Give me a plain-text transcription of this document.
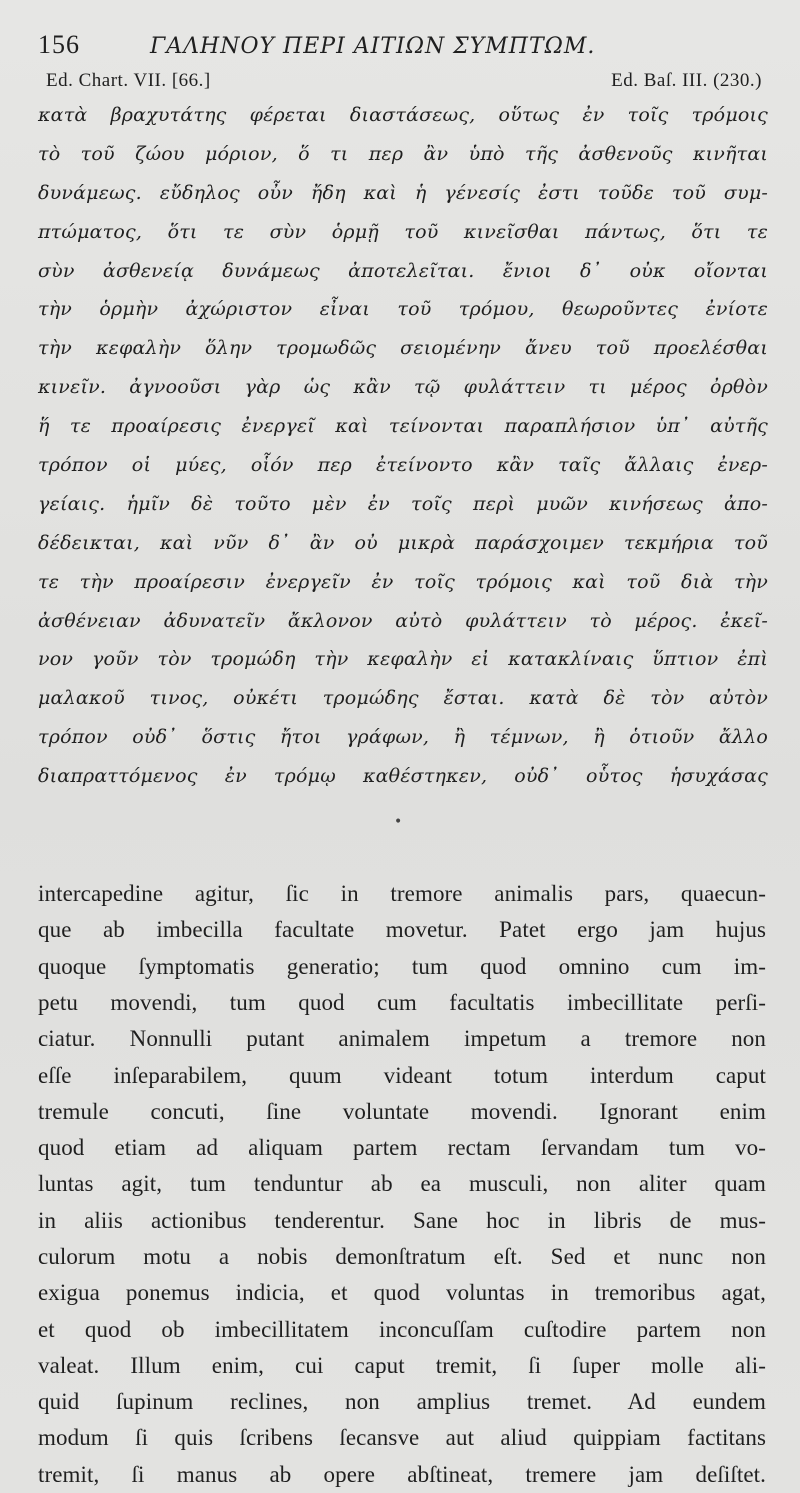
156	ΓΑΛΗΝΟΥ ΠΕΡΙ ΑΙΤΙΩΝ ΣΥΜΠΤΩΜ.
Ed. Chart. VII. [66.]	Ed. Baſ. III. (230.)
κατὰ βραχυτάτης φέρεται διαστάσεως, οὕτως ἐν τοῖς τρόμοις
τὸ τοῦ ζώου μόριον, ὅ τι περ ἂν ὑπὸ τῆς ἀσθενοῦς κινῆται
δυνάμεως. εὔδηλος οὖν ἤδη καὶ ἡ γένεσίς ἐστι τοῦδε τοῦ συμ-
πτώματος, ὅτι τε σὺν ὁρμῇ τοῦ κινεῖσθαι πάντως, ὅτι τε
σὺν ἀσθενείᾳ δυνάμεως ἀποτελεῖται. ἔνιοι δ᾽ οὐκ οἴονται
τὴν ὁρμὴν ἀχώριστον εἶναι τοῦ τρόμου, θεωροῦντες ἐνίοτε
τὴν κεφαλὴν ὅλην τρομωδῶς σειομένην ἄνευ τοῦ προελέσθαι
κινεῖν. ἀγνοοῦσι γὰρ ὡς κἂν τῷ φυλάττειν τι μέρος ὀρθὸν
ἥ τε προαίρεσις ἐνεργεῖ καὶ τείνονται παραπλήσιον ὑπ᾽ αὐτῆς
τρόπον οἱ μύες, οἷόν περ ἐτείνοντο κἂν ταῖς ἄλλαις ἐνερ-
γείαις. ἡμῖν δὲ τοῦτο μὲν ἐν τοῖς περὶ μυῶν κινήσεως ἀπο-
δέδεικται, καὶ νῦν δ᾽ ἂν οὐ μικρὰ παράσχοιμεν τεκμήρια τοῦ
τε τὴν προαίρεσιν ἐνεργεῖν ἐν τοῖς τρόμοις καὶ τοῦ διὰ τὴν
ἀσθένειαν ἀδυνατεῖν ἄκλονον αὐτὸ φυλάττειν τὸ μέρος. ἐκεῖ-
νον γοῦν τὸν τρομώδη τὴν κεφαλὴν εἰ κατακλίναις ὕπτιον ἐπὶ
μαλακοῦ τινος, οὐκέτι τρομώδης ἔσται. κατὰ δὲ τὸν αὐτὸν
τρόπον οὐδ᾽ ὅστις ἤτοι γράφων, ἢ τέμνων, ἢ ὁτιοῦν ἄλλο
διαπραττόμενος ἐν τρόμῳ καθέστηκεν, οὐδ᾽ οὗτος ἡσυχάσας
•
intercapedine agitur, ſic in tremore animalis pars, quaecun-
que ab imbecilla facultate movetur. Patet ergo jam hujus
quoque ſymptomatis generatio; tum quod omnino cum im-
petu movendi, tum quod cum facultatis imbecillitate perſi-
ciatur. Nonnulli putant animalem impetum a tremore non
eſſe inſeparabilem, quum videant totum interdum caput
tremule concuti, ſine voluntate movendi. Ignorant enim
quod etiam ad aliquam partem rectam ſervandam tum vo-
luntas agit, tum tenduntur ab ea musculi, non aliter quam
in aliis actionibus tenderentur. Sane hoc in libris de mus-
culorum motu a nobis demonſtratum eſt. Sed et nunc non
exigua ponemus indicia, et quod voluntas in tremoribus agat,
et quod ob imbecillitatem inconcuſſam cuſtodire partem non
valeat. Illum enim, cui caput tremit, ſi ſuper molle ali-
quid ſupinum reclines, non amplius tremet. Ad eundem
modum ſi quis ſcribens ſecansve aut aliud quippiam factitans
tremit, ſi manus ab opere abſtineat, tremere jam deſiſtet.
